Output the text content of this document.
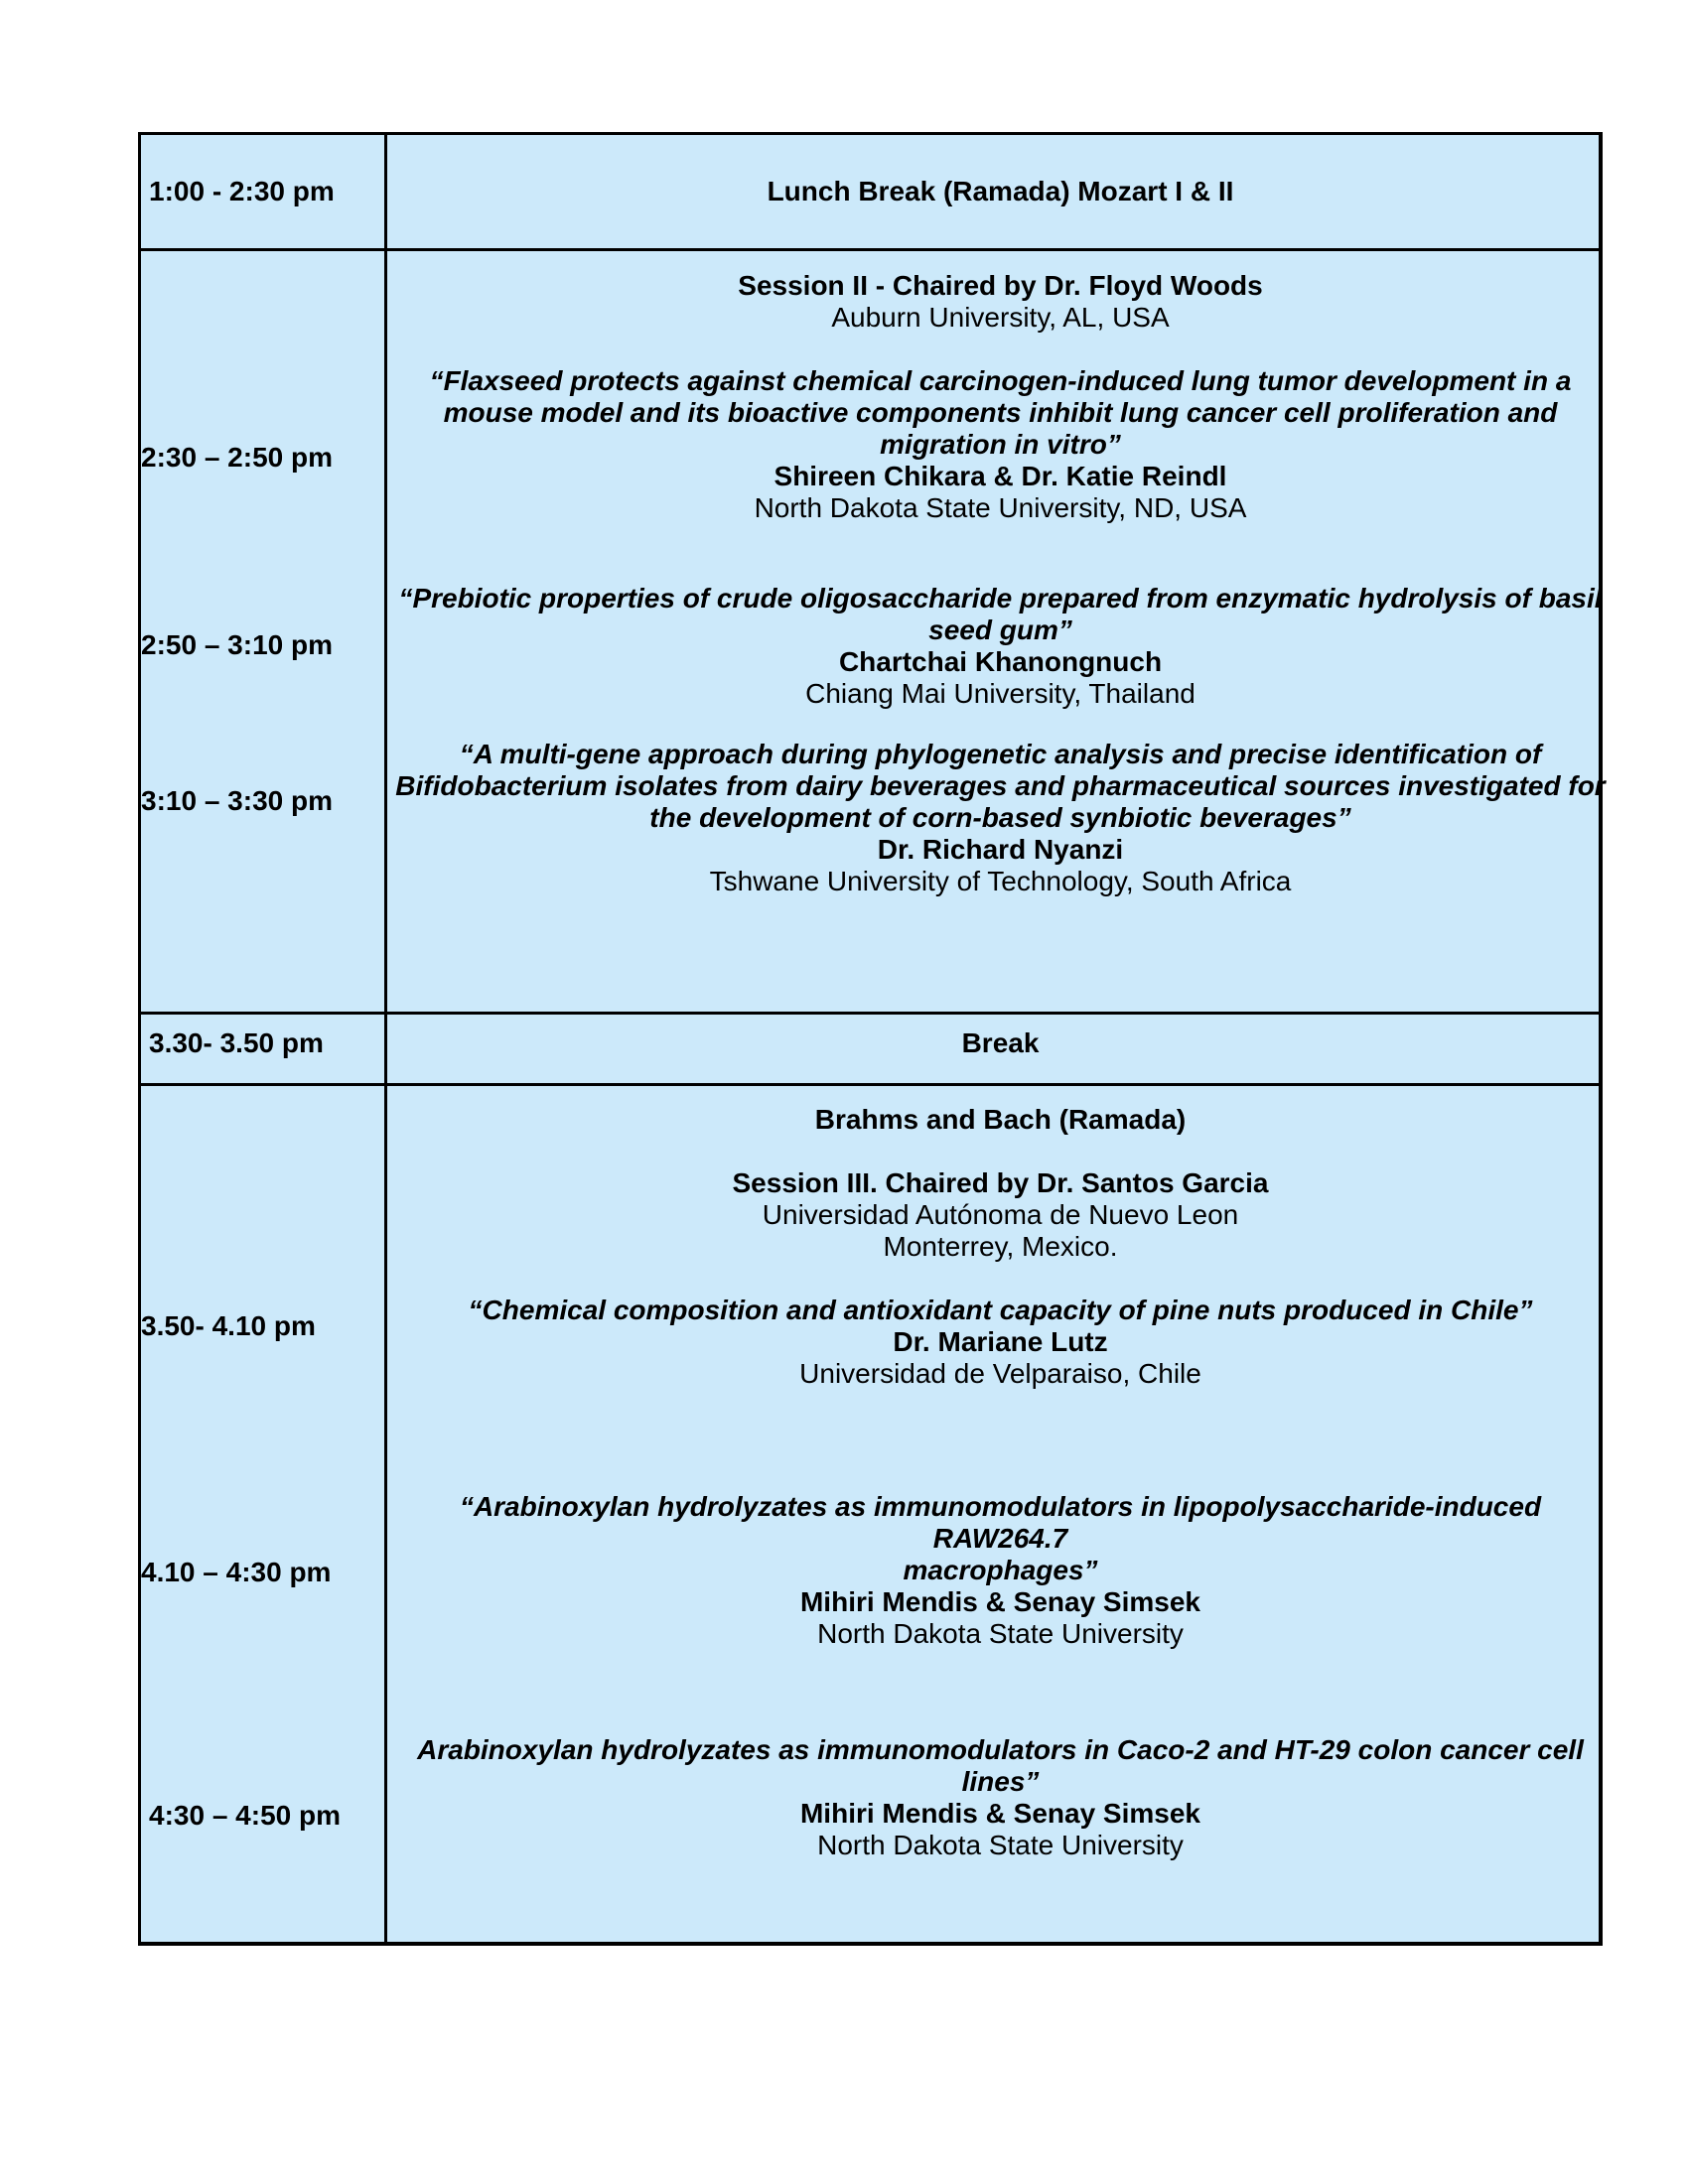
1:00 - 2:30 pm	Lunch Break (Ramada) Mozart I & II
Session II - Chaired by Dr. Floyd Woods
Auburn University, AL, USA
“Flaxseed protects against chemical carcinogen-induced lung tumor development in a
mouse model and its bioactive components inhibit lung cancer cell proliferation and
migration in vitro”
Shireen Chikara & Dr. Katie Reindl
North Dakota State University, ND, USA
2:30 – 2:50 pm
“Prebiotic properties of crude oligosaccharide prepared from enzymatic hydrolysis of basil
seed gum”
Chartchai Khanongnuch
Chiang Mai University, Thailand
2:50 – 3:10 pm
“A multi-gene approach during phylogenetic analysis and precise identification of
Bifidobacterium isolates from dairy beverages and pharmaceutical sources investigated for
the development of corn-based synbiotic beverages”
Dr. Richard Nyanzi
Tshwane University of Technology, South Africa
3:10 – 3:30 pm
3.30- 3.50 pm	Break
Brahms and Bach (Ramada)
Session III. Chaired by Dr. Santos Garcia
Universidad Autónoma de Nuevo Leon
Monterrey, Mexico.
“Chemical composition and antioxidant capacity of pine nuts produced in Chile”
Dr. Mariane Lutz
Universidad de Velparaiso, Chile
3.50- 4.10 pm
“Arabinoxylan hydrolyzates as immunomodulators in lipopolysaccharide-induced RAW264.7
macrophages”
Mihiri Mendis & Senay Simsek
North Dakota State University
4.10 – 4:30 pm
Arabinoxylan hydrolyzates as immunomodulators in Caco-2 and HT-29 colon cancer cell
lines”
Mihiri Mendis & Senay Simsek
North Dakota State University
4:30 – 4:50 pm
